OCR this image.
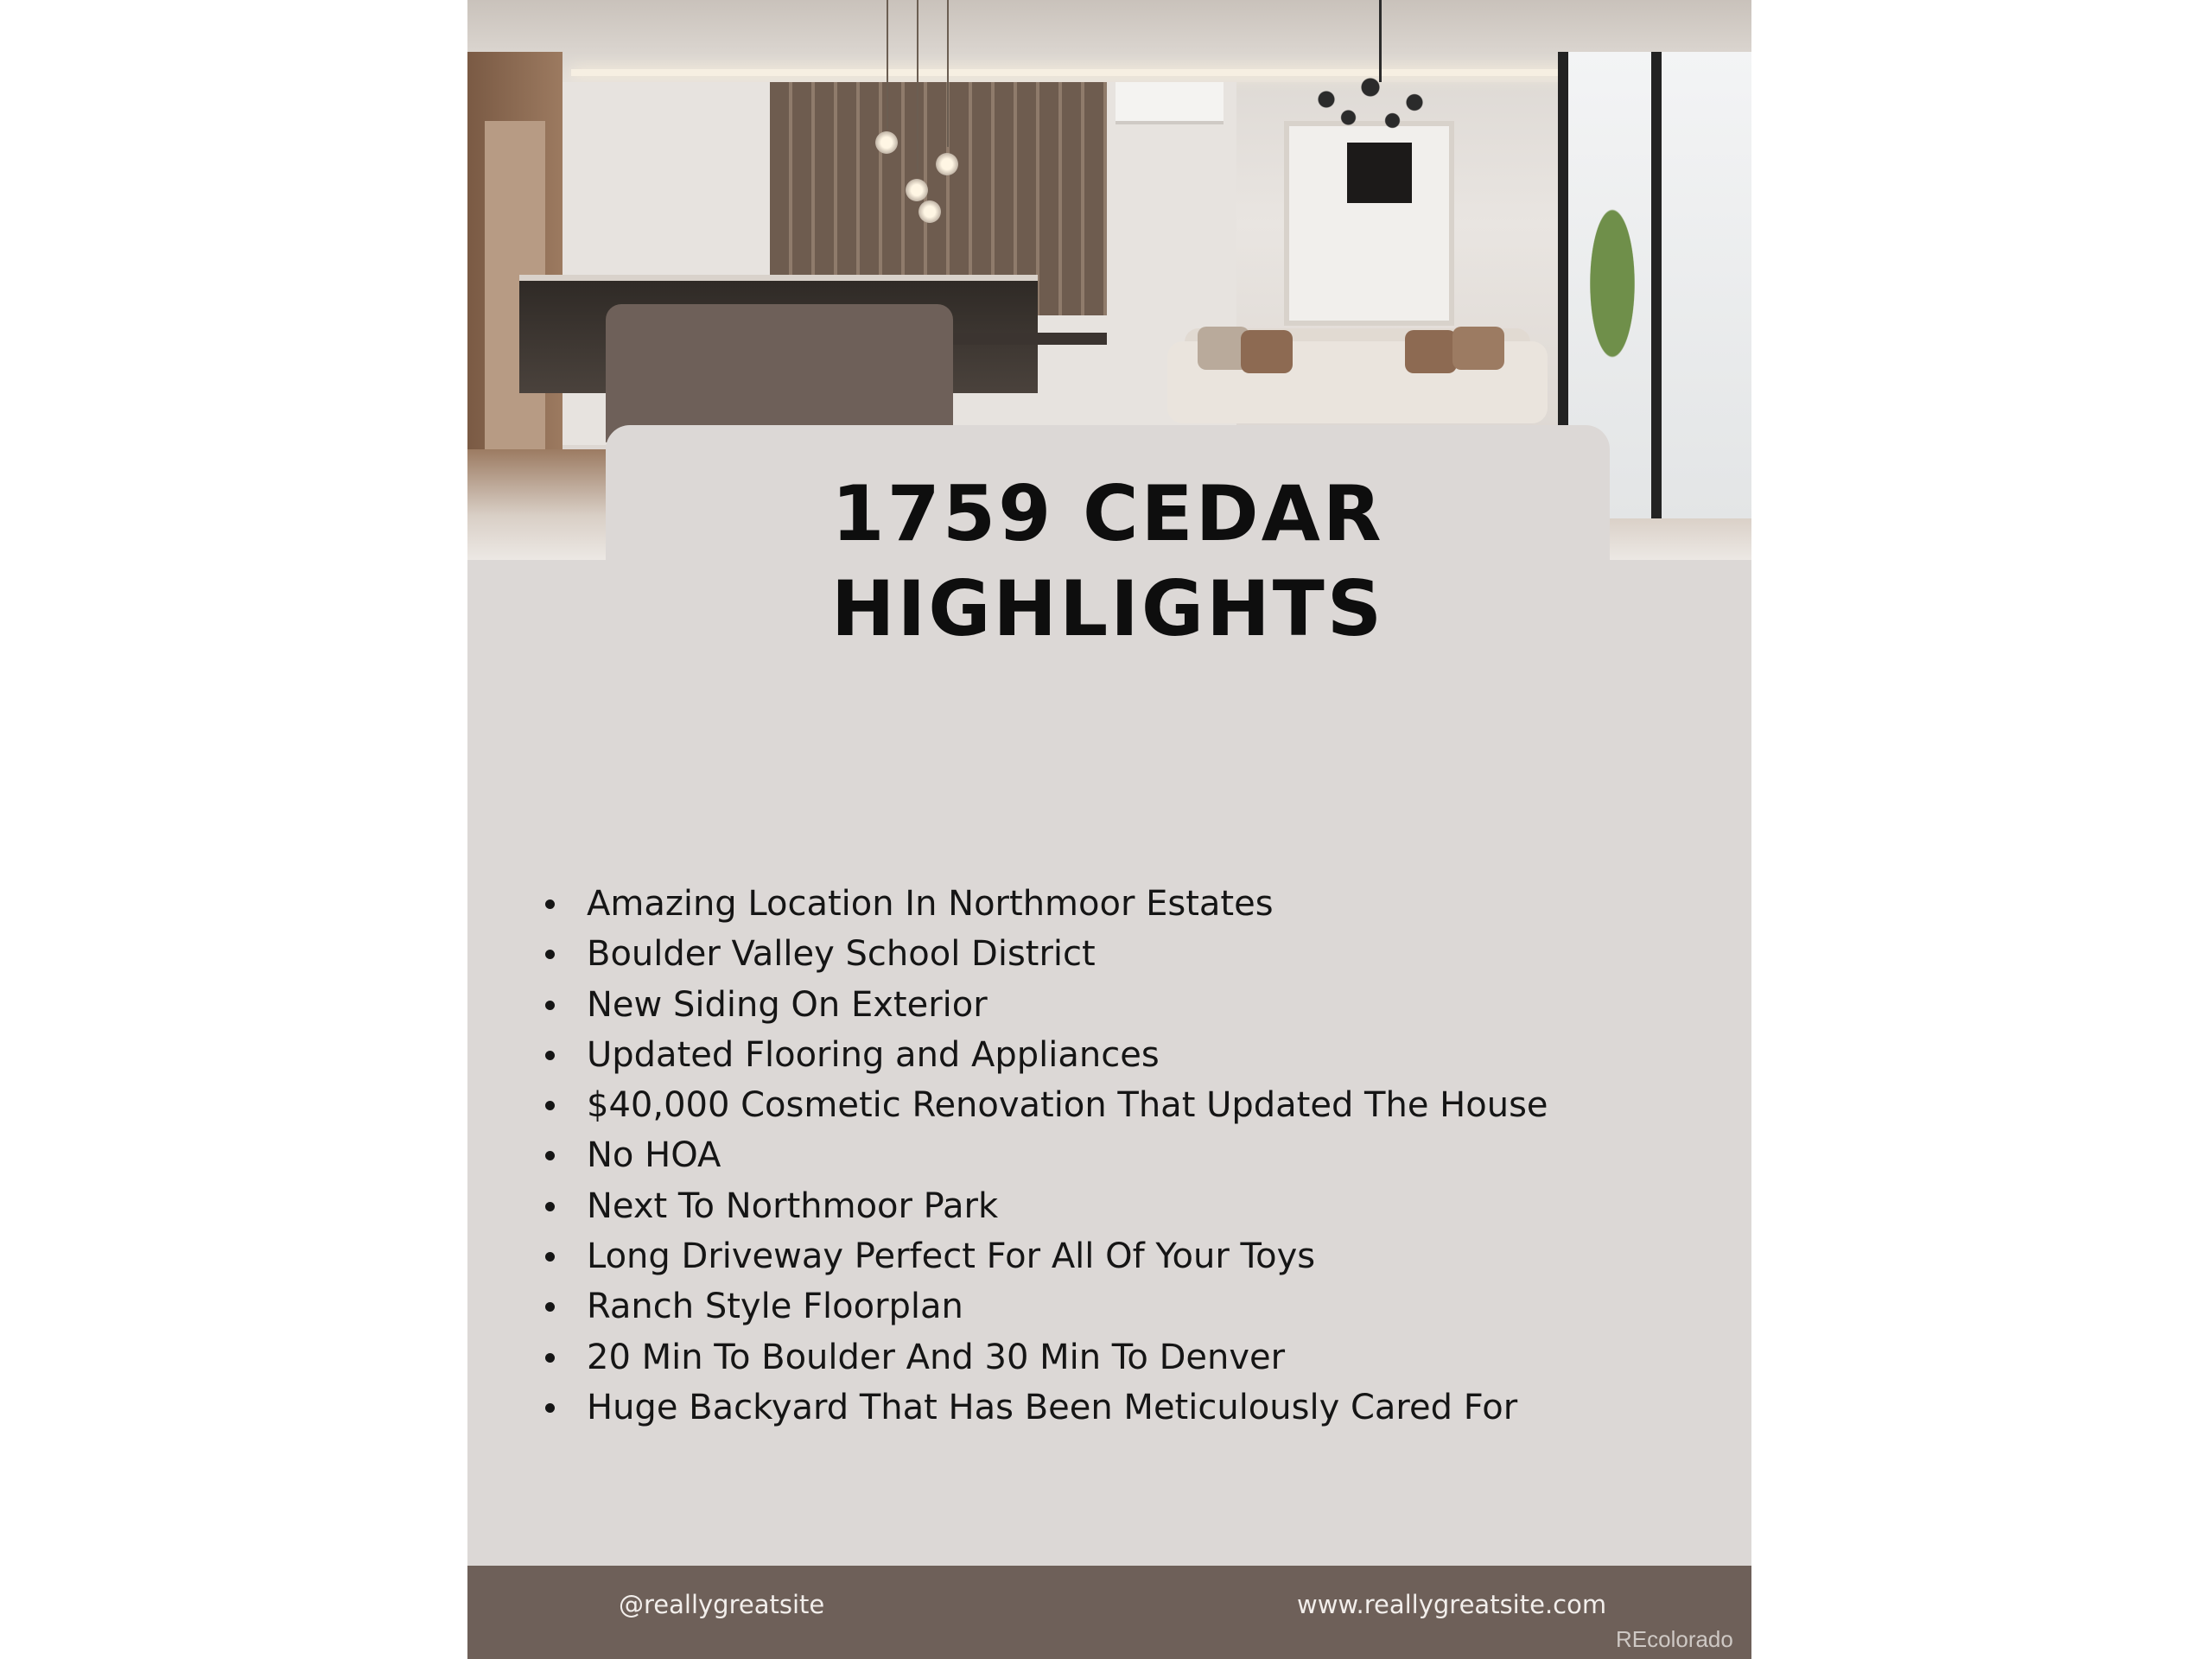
1759 CEDAR
HIGHLIGHTS
Amazing Location In Northmoor Estates
Boulder Valley School District
New Siding On Exterior
Updated Flooring and Appliances
$40,000 Cosmetic Renovation That Updated The House
No HOA
Next To Northmoor Park
Long Driveway Perfect For All Of Your Toys
Ranch Style Floorplan
20 Min To Boulder And 30 Min To Denver
Huge Backyard That Has Been Meticulously Cared For
@reallygreatsite	www.reallygreatsite.com
REcolorado
